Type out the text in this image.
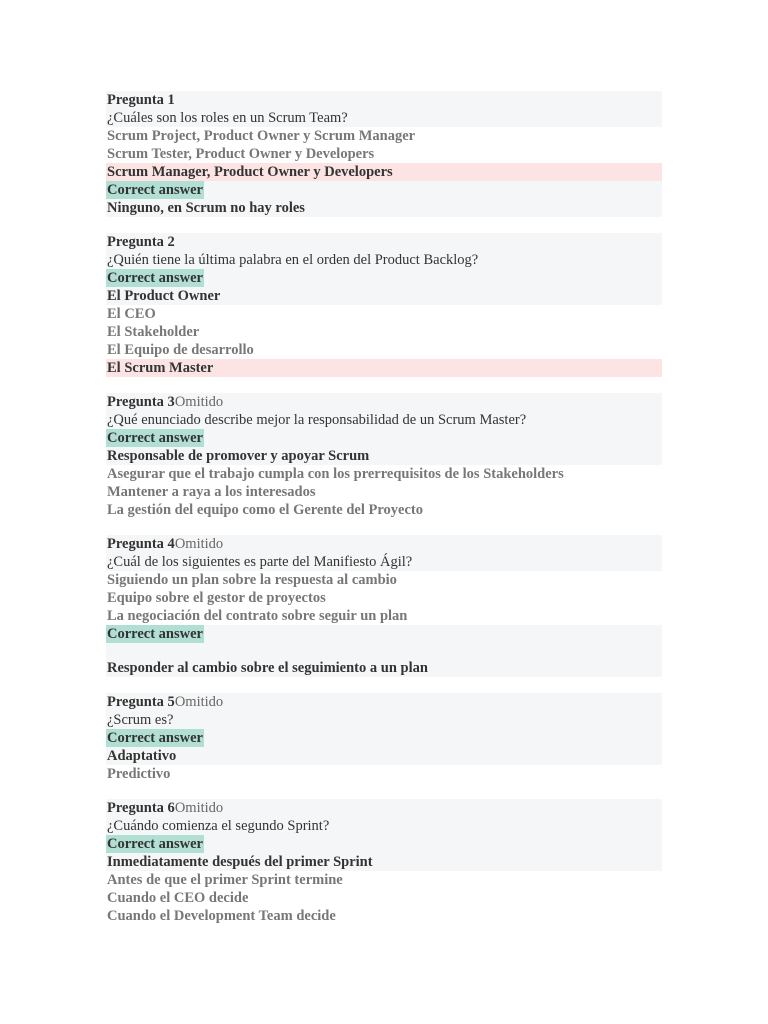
Pregunta 1
¿Cuáles son los roles en un Scrum Team?
Scrum Project, Product Owner y Scrum Manager
Scrum Tester, Product Owner y Developers
Scrum Manager, Product Owner y Developers
Correct answer
Ninguno, en Scrum no hay roles
Pregunta 2
¿Quién tiene la última palabra en el orden del Product Backlog?
Correct answer
El Product Owner
El CEO
El Stakeholder
El Equipo de desarrollo
El Scrum Master
Pregunta 3Omitido
¿Qué enunciado describe mejor la responsabilidad de un Scrum Master?
Correct answer
Responsable de promover y apoyar Scrum
Asegurar que el trabajo cumpla con los prerrequisitos de los Stakeholders
Mantener a raya a los interesados
La gestión del equipo como el Gerente del Proyecto
Pregunta 4Omitido
¿Cuál de los siguientes es parte del Manifiesto Ágil?
Siguiendo un plan sobre la respuesta al cambio
Equipo sobre el gestor de proyectos
La negociación del contrato sobre seguir un plan
Correct answer
Responder al cambio sobre el seguimiento a un plan
Pregunta 5Omitido
¿Scrum es?
Correct answer
Adaptativo
Predictivo
Pregunta 6Omitido
¿Cuándo comienza el segundo Sprint?
Correct answer
Inmediatamente después del primer Sprint
Antes de que el primer Sprint termine
Cuando el CEO decide
Cuando el Development Team decide
